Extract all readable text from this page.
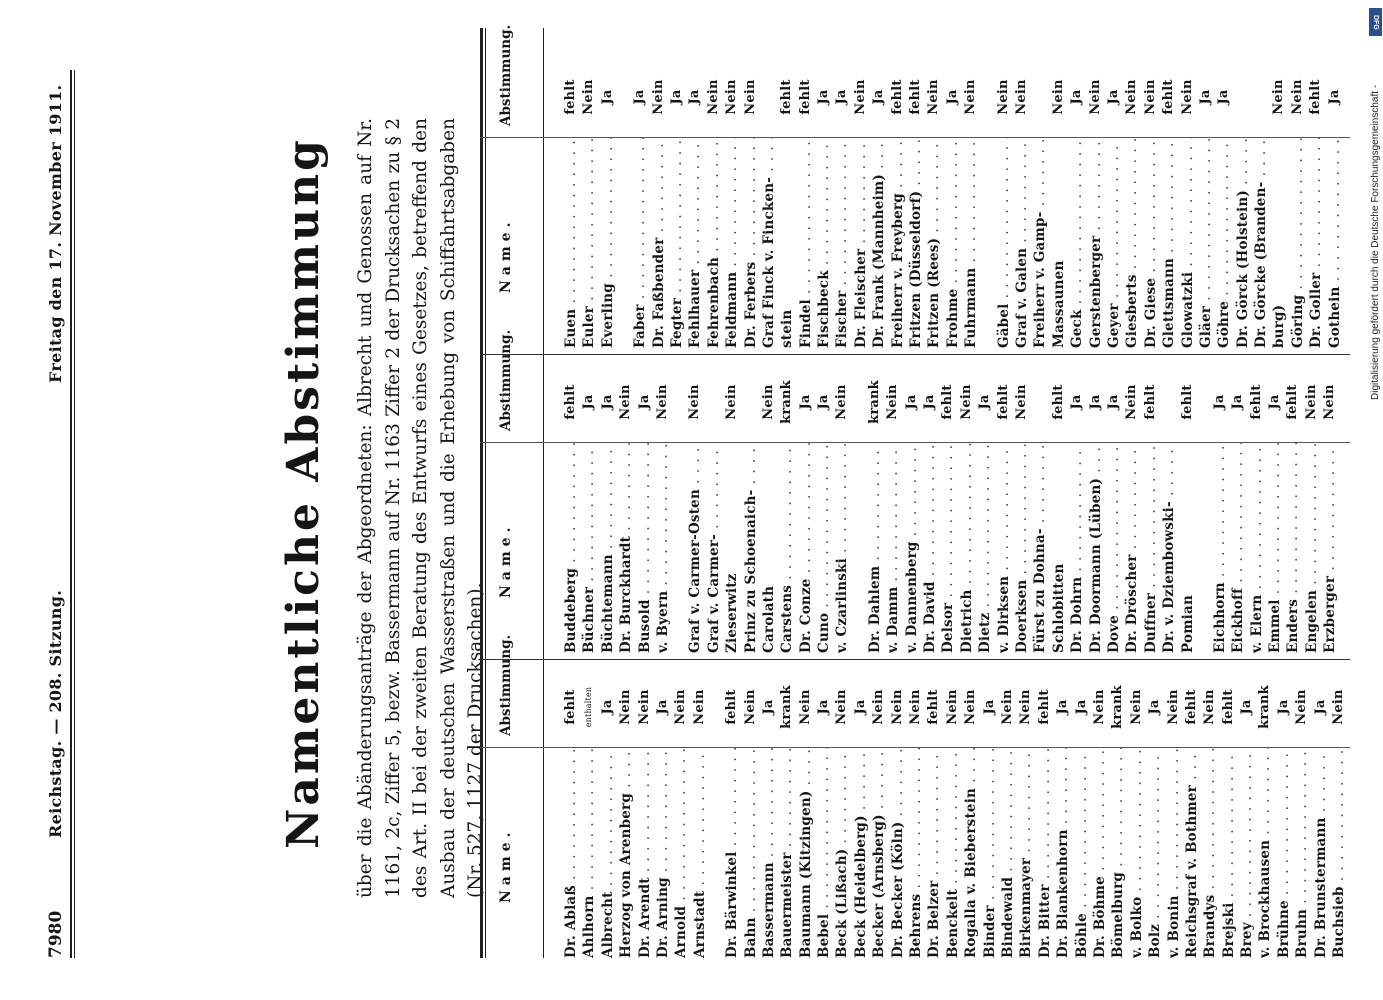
7980
Reichstag. — 208. Sitzung.
Freitag den 17. November 1911.	Namentliche Abstimmung über die Abänderungsanträge der Abgeordneten: Albrecht und Genossen auf Nr. 1161, 2c, Ziffer 5, bezw. Bassermann auf Nr. 1163 Ziffer 2 der Drucksachen zu § 2 des Art. II bei der zweiten Beratung des Entwurfs eines Gesetzes, betreffend den Ausbau der deutschen Wasserstraßen und die Erhebung von Schiffahrtsabgaben (Nr. 527, 1127 der Drucksachen). Name.
Abstimmung.
Dr. Ablaß . . .
fehlt
Ahlhorn . . .
enthalten
Albrecht . . .
Ja
Herzog von Arenberg . . .
Nein
Dr. Arendt . . .
Nein
Dr. Arning . . .
Ja
Arnold . . .
Nein
Arnstadt . . .
Nein
Dr. Bärwinkel . . .
fehlt
Bahn . . .
Nein
Bassermann . . .
Ja
Bauermeister . . .
krank
Baumann (Kitzingen) . . .
Nein
Bebel . . .
Ja
Beck (Lißach) . . .
Nein
Beck (Heidelberg) . . .
Ja
Becker (Arnsberg) . . .
Nein
Dr. Becker (Köln) . . .
Nein
Behrens . . .
Nein
Dr. Belzer . . .
fehlt
Benckelt . . .
Nein
Rogalla v. Bieberstein . . .
Nein
Binder . . .
Ja
Bindewald . . .
Nein
Birkenmayer . . .
Nein
Dr. Bitter . . .
fehlt
Dr. Blankenhorn . . .
Ja
Böhle . . .
Ja
Dr. Böhme . . .
Nein
Bömelburg . . .
krank
v. Bolko . . .
Nein
Bolz . . .
Ja
v. Bonin . . .
Nein
Reichsgraf v. Bothmer . . .
fehlt
Brandys . . .
Nein
Brejski . . .
fehlt
Brey . . .
Ja
v. Brockhausen . . .
krank
Brühne . . .
Ja
Bruhn . . .
Nein
Dr. Brunstermann . . .
Ja
Buchsieb . . .
Nein
Name.
Abstimmung.
Buddeberg . . .
fehlt
Büchner . . .
Ja
Büchtemann . . .
Ja
Dr. Burckhardt . . .
Nein
Busold . . .
Ja
v. Byern . . .
Nein
Graf v. Carmer-Osten . . .
Nein
Graf v. Carmer- . . . Zieserwitz
Nein
Prinz zu Schoenaich- . . . Carolath
Nein
Carstens . . .
krank
Dr. Conze . . .
Ja
Cuno . . .
Ja
v. Czarlinski . . .
Nein
Dr. Dahlem . . .
krank
v. Damm . . .
Nein
v. Dannenberg . . .
Ja
Dr. David . . .
Ja
Delsor . . .
fehlt
Dietrich . . .
Nein
Dietz . . .
Ja
v. Dirksen . . .
fehlt
Doerksen . . .
Nein
Fürst zu Dohna- . . . Schlobitten
fehlt
Dr. Dohrn . . .
Ja
Dr. Doormann (Lüben) . . .
Ja
Dove . . .
Ja
Dr. Dröscher . . .
Nein
Duffner . . .
fehlt
Dr. v. Dziembowski- . . . Pomian
fehlt
Eichhorn . . .
Ja
Eickhoff . . .
Ja
v. Elern . . .
fehlt
Emmel . . .
Ja
Enders . . .
fehlt
Engelen . . .
Nein
Erzberger . . .
Nein
Name.
Abstimmung.
Euen . . .
fehlt
Euler . . .
Nein
Everling . . .
Ja
Faber . . .
Ja
Dr. Faßbender . . .
Nein
Fegter . . .
Ja
Fehlhauer . . .
Ja
Fehrenbach . . .
Nein
Feldmann . . .
Nein
Dr. Ferbers . . .
Nein
Graf Finck v. Fincken- . . . stein
fehlt
Findel . . .
fehlt
Fischbeck . . .
Ja
Fischer . . .
Ja
Dr. Fleischer . . .
Nein
Dr. Frank (Mannheim) . . .
Ja
Freiherr v. Freyberg . . .
fehlt
Fritzen (Düsseldorf) . . .
fehlt
Fritzen (Rees) . . .
Nein
Frohme . . .
Ja
Fuhrmann . . .
Nein
Gäbel . . .
Nein
Graf v. Galen . . .
Nein
Freiherr v. Gamp- . . . Massaunen
Nein
Geck . . .
Ja
Gerstenberger . . .
Nein
Geyer . . .
Ja
Giesberts . . .
Nein
Dr. Giese . . .
Nein
Glettsmann . . .
fehlt
Glowatzki . . .
Nein
Gläer . . .
Ja
Göhre . . .
Ja
Dr. Görck (Holstein) . . . Dr. Görcke (Branden- . . . burg)
Nein
Göring . . .
Nein
Dr. Goller . . .
fehlt
Gothein . . .
Ja
DFG
Digitalisierung gefördert durch die Deutsche Forschungsgemeinschaft -
